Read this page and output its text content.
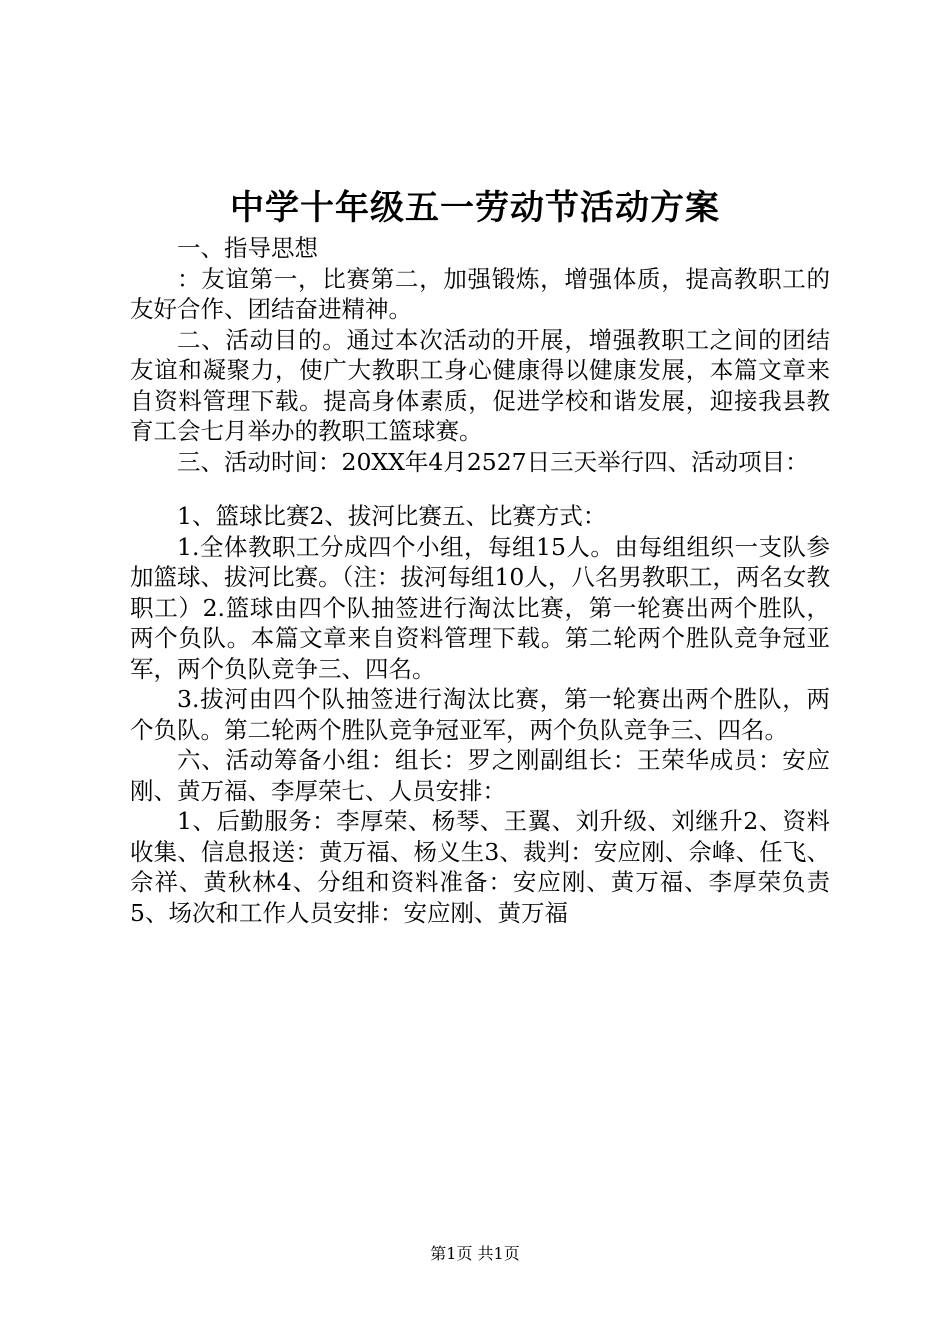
中学十年级五一劳动节活动方案

一、指导思想

：友谊第一，比赛第二，加强锻炼，增强体质，提高教职工的友好合作、团结奋进精神。

二、活动目的。通过本次活动的开展，增强教职工之间的团结友谊和凝聚力，使广大教职工身心健康得以健康发展，本篇文章来自资料管理下载。提高身体素质，促进学校和谐发展，迎接我县教育工会七月举办的教职工篮球赛。

三、活动时间：20XX年4月2527日三天举行四、活动项目：

1、篮球比赛2、拔河比赛五、比赛方式：

1.全体教职工分成四个小组，每组15人。由每组组织一支队参加篮球、拔河比赛。（注：拔河每组10人，八名男教职工，两名女教职工）2.篮球由四个队抽签进行淘汰比赛，第一轮赛出两个胜队，两个负队。本篇文章来自资料管理下载。第二轮两个胜队竞争冠亚军，两个负队竞争三、四名。

3.拔河由四个队抽签进行淘汰比赛，第一轮赛出两个胜队，两个负队。第二轮两个胜队竞争冠亚军，两个负队竞争三、四名。

六、活动筹备小组：组长：罗之刚副组长：王荣华成员：安应刚、黄万福、李厚荣七、人员安排：

1、后勤服务：李厚荣、杨琴、王翼、刘升级、刘继升2、资料收集、信息报送：黄万福、杨义生3、裁判：安应刚、佘峰、任飞、佘祥、黄秋林4、分组和资料准备：安应刚、黄万福、李厚荣负责5、场次和工作人员安排：安应刚、黄万福

第1页 共1页
